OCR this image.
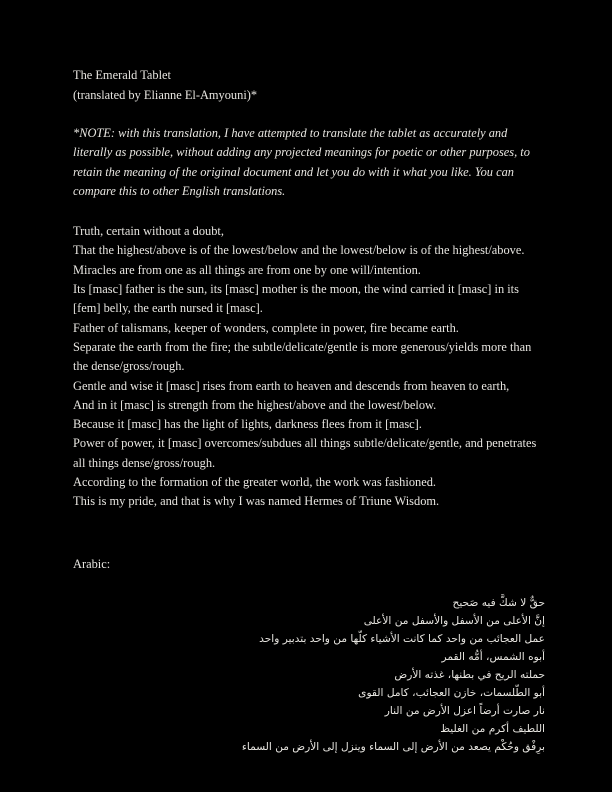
The Emerald Tablet
(translated by Elianne El-Amyouni)*
*NOTE: with this translation, I have attempted to translate the tablet as accurately and literally as possible, without adding any projected meanings for poetic or other purposes, to retain the meaning of the original document and let you do with it what you like. You can compare this to other English translations.
Truth, certain without a doubt,
That the highest/above is of the lowest/below and the lowest/below is of the highest/above.
Miracles are from one as all things are from one by one will/intention.
Its [masc] father is the sun, its [masc] mother is the moon, the wind carried it [masc] in its [fem] belly, the earth nursed it [masc].
Father of talismans, keeper of wonders, complete in power, fire became earth.
Separate the earth from the fire; the subtle/delicate/gentle is more generous/yields more than the dense/gross/rough.
Gentle and wise it [masc] rises from earth to heaven and descends from heaven to earth,
And in it [masc] is strength from the highest/above and the lowest/below.
Because it [masc] has the light of lights, darkness flees from it [masc].
Power of power, it [masc] overcomes/subdues all things subtle/delicate/gentle, and penetrates all things dense/gross/rough.
According to the formation of the greater world, the work was fashioned.
This is my pride, and that is why I was named Hermes of Triune Wisdom.
Arabic:
حقٌّ لا شكَّ فيه صَحيح
إنَّ الأعلى من الأسفل والأسفل من الأعلى
عمل العجائب من واحد كما كانت الأشياء كلّها من واحد بتدبير واحد
أبوه الشمس، أمُّه القمر
حملته الريح في بطنها، غذته الأرض
أبو الطّلسمات، خازن العجائب، كامل القوى
نار صارت أرضاً اعزل الأرض من النار
اللطيف أكرم من الغليظ
برِفْق وحُكْم يصعد من الأرض إلى السماء وينزل إلى الأرض من السماء
